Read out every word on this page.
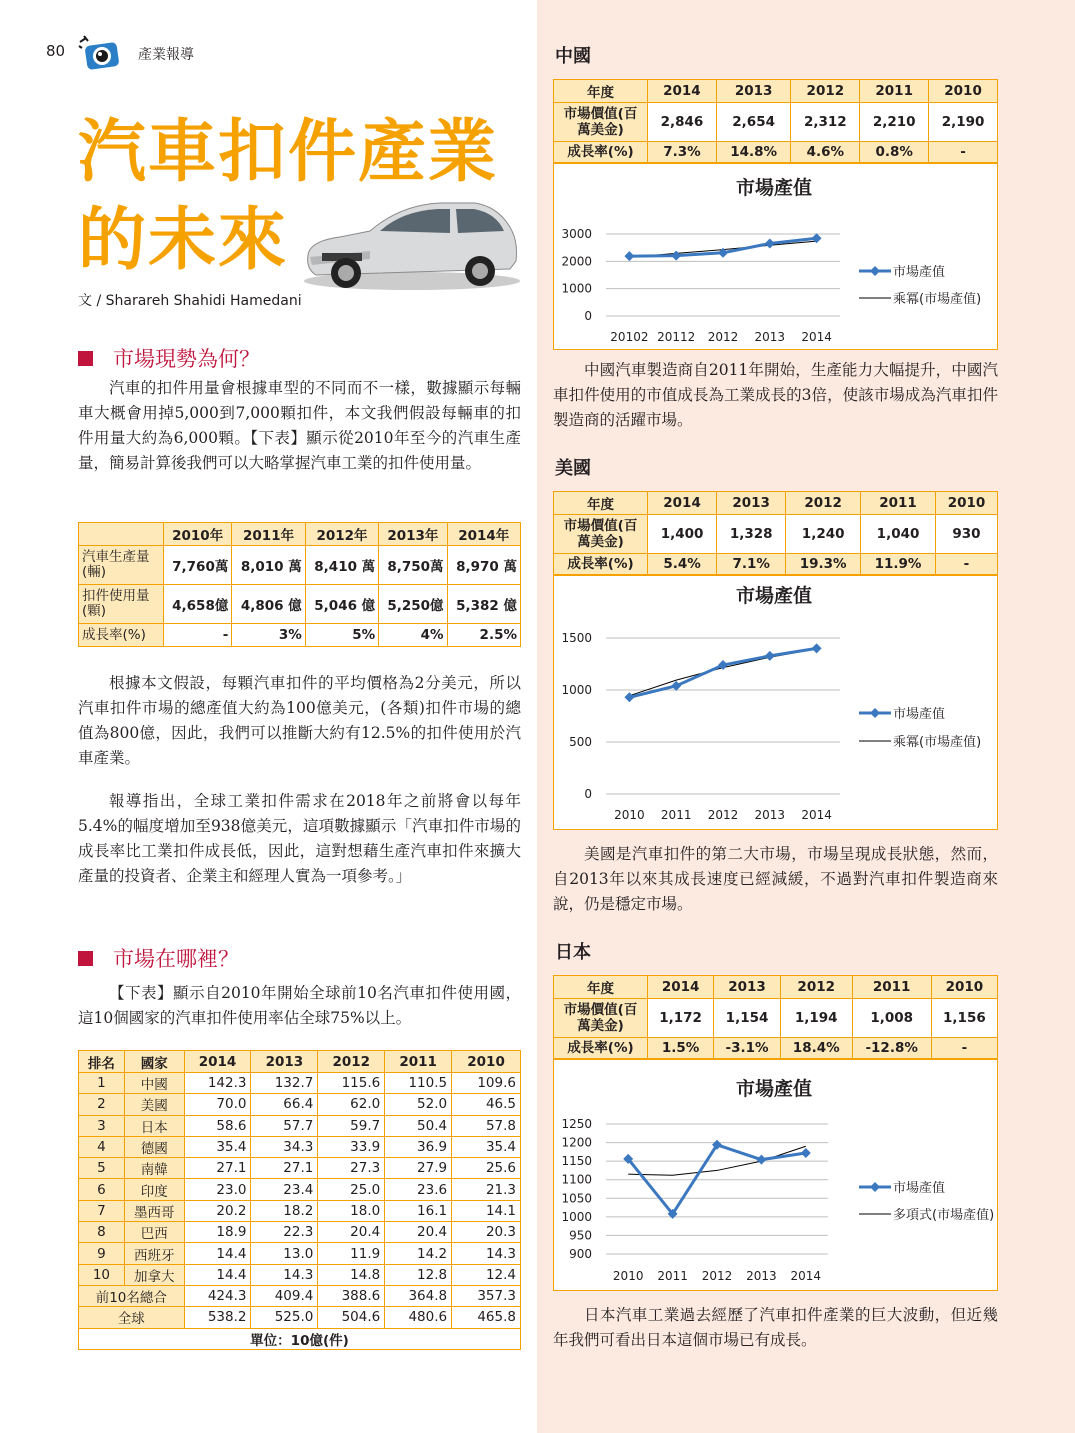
80	產業報導
汽車扣件產業
的未來
文 / Sharareh Shahidi Hamedani
市場現勢為何？
汽車的扣件用量會根據車型的不同而不一樣，數據顯示每輛車大概會用掉5,000到7,000顆扣件，本文我們假設每輛車的扣件用量大約為6,000顆。【下表】顯示從2010年至今的汽車生產量，簡易計算後我們可以大略掌握汽車工業的扣件使用量。
	2010年	2011年	2012年	2013年	2014年
汽車生產量(輛)	7,760萬	8,010 萬	8,410 萬	8,750萬	8,970 萬
扣件使用量(顆)	4,658億	4,806 億	5,046 億	5,250億	5,382 億
成長率(%)	-	3%	5%	4%	2.5%
根據本文假設，每顆汽車扣件的平均價格為2分美元，所以汽車扣件市場的總產值大約為100億美元，(各類)扣件市場的總值為800億，因此，我們可以推斷大約有12.5%的扣件使用於汽車產業。
報導指出，全球工業扣件需求在2018年之前將會以每年5.4%的幅度增加至938億美元，這項數據顯示「汽車扣件市場的成長率比工業扣件成長低，因此，這對想藉生產汽車扣件來擴大產量的投資者、企業主和經理人實為一項參考。」
市場在哪裡？
【下表】顯示自2010年開始全球前10名汽車扣件使用國，這10個國家的汽車扣件使用率佔全球75%以上。
排名	國家	2014	2013	2012	2011	2010
1	中國	142.3	132.7	115.6	110.5	109.6
2	美國	70.0	66.4	62.0	52.0	46.5
3	日本	58.6	57.7	59.7	50.4	57.8
4	德國	35.4	34.3	33.9	36.9	35.4
5	南韓	27.1	27.1	27.3	27.9	25.6
6	印度	23.0	23.4	25.0	23.6	21.3
7	墨西哥	20.2	18.2	18.0	16.1	14.1
8	巴西	18.9	22.3	20.4	20.4	20.3
9	西班牙	14.4	13.0	11.9	14.2	14.3
10	加拿大	14.4	14.3	14.8	12.8	12.4
前10名總合		424.3	409.4	388.6	364.8	357.3
全球		538.2	525.0	504.6	480.6	465.8
單位：10億(件)						
中國
年度	2014	2013	2012	2011	2010
市場價值(百萬美金)	2,846	2,654	2,312	2,210	2,190
成長率(%)	7.3%	14.8%	4.6%	0.8%	-
市場產值
0
1000
2000
3000
20102 20112 2012 2013 2014
市場產值
乘冪(市場產值)
中國汽車製造商自2011年開始，生產能力大幅提升，中國汽車扣件使用的市值成長為工業成長的3倍，使該市場成為汽車扣件製造商的活躍市場。
美國
年度	2014	2013	2012	2011	2010
市場價值(百萬美金)	1,400	1,328	1,240	1,040	930
成長率(%)	5.4%	7.1%	19.3%	11.9%	-
市場產值
0
500
1000
1500
2010 2011 2012 2013 2014
市場產值
乘冪(市場產值)
美國是汽車扣件的第二大市場，市場呈現成長狀態，然而，自2013年以來其成長速度已經減緩，不過對汽車扣件製造商來說，仍是穩定市場。
日本
年度	2014	2013	2012	2011	2010
市場價值(百萬美金)	1,172	1,154	1,194	1,008	1,156
成長率(%)	1.5%	-3.1%	18.4%	-12.8%	-
市場產值
900
950
1000
1050
1100
1150
1200
1250
2010 2011 2012 2013 2014
市場產值
多項式(市場產值)
日本汽車工業過去經歷了汽車扣件產業的巨大波動，但近幾年我們可看出日本這個市場已有成長。
